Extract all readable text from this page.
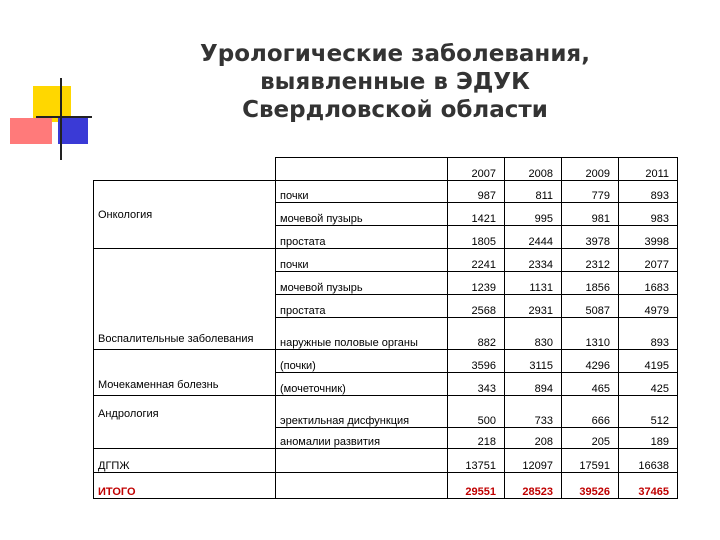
Урологические заболевания,
выявленные в ЭДУК
Свердловской области
		2007	2008	2009	2011
Онкология	почки	987	811	779	893
	мочевой пузырь	1421	995	981	983
	простата	1805	2444	3978	3998
Воспалительные заболевания	почки	2241	2334	2312	2077
	мочевой пузырь	1239	1131	1856	1683
	простата	2568	2931	5087	4979
	наружные половые органы	882	830	1310	893
Мочекаменная болезнь	(почки)	3596	3115	4296	4195
	(мочеточник)	343	894	465	425
Андрология	эректильная дисфункция	500	733	666	512
	аномалии развития	218	208	205	189
ДГПЖ		13751	12097	17591	16638
ИТОГО		29551	28523	39526	37465
